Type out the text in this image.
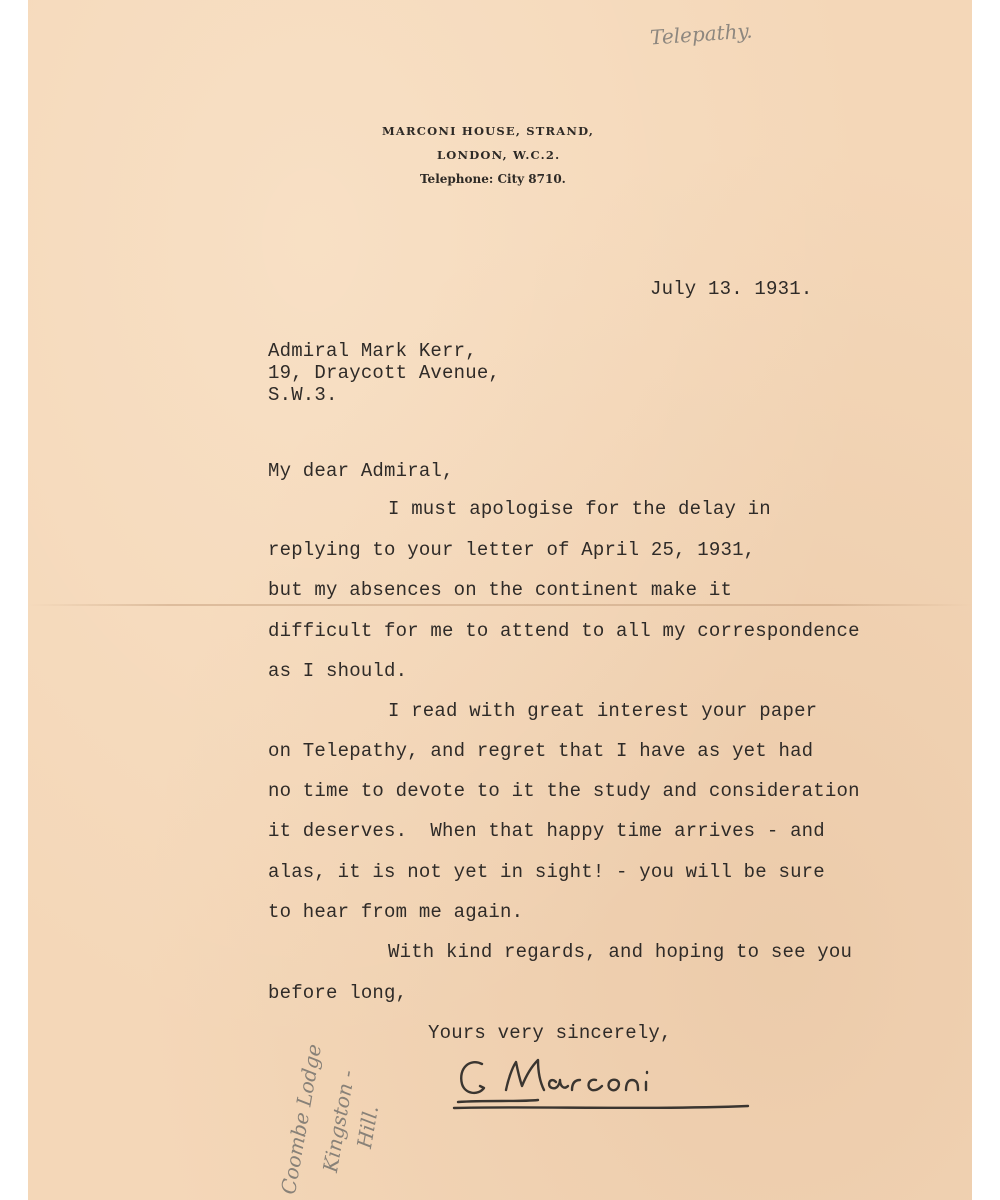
Telepathy.
MARCONI HOUSE, STRAND,
LONDON, W.C.2.
Telephone: City 8710.
July 13. 1931.
Admiral Mark Kerr,
19, Draycott Avenue,
S.W.3.
My dear Admiral,
I must apologise for the delay in
replying to your letter of April 25, 1931,
but my absences on the continent make it
difficult for me to attend to all my correspondence
as I should.
I read with great interest your paper
on Telepathy, and regret that I have as yet had
no time to devote to it the study and consideration
it deserves.  When that happy time arrives - and
alas, it is not yet in sight! - you will be sure
to hear from me again.
With kind regards, and hoping to see you
before long,
Yours very sincerely,
Coombe Lodge
Kingston -
Hill.
